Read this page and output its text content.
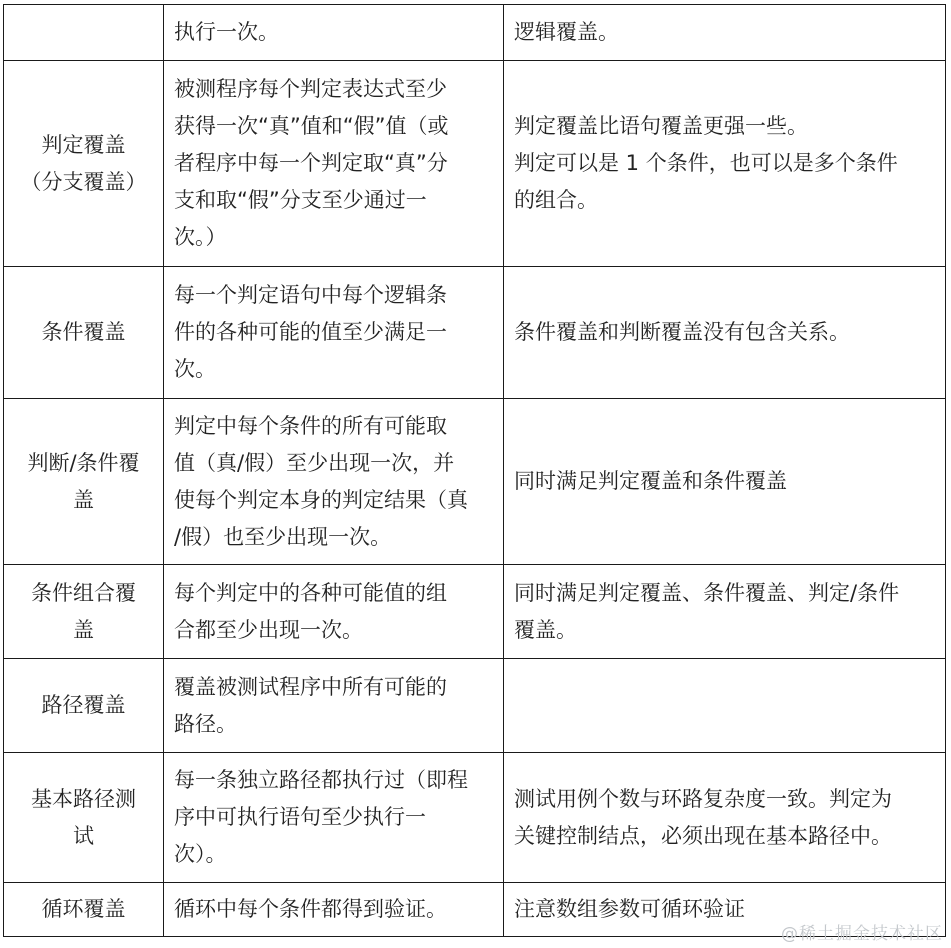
	执行一次。	逻辑覆盖。

判定覆盖
（分支覆盖）	被测程序每个判定表达式至少
获得一次“真”值和“假”值（或
者程序中每一个判定取“真”分
支和取“假”分支至少通过一
次。）	判定覆盖比语句覆盖更强一些。
判定可以是 1 个条件，也可以是多个条件
的组合。

条件覆盖	每一个判定语句中每个逻辑条
件的各种可能的值至少满足一
次。	条件覆盖和判断覆盖没有包含关系。

判断/条件覆
盖	判定中每个条件的所有可能取
值（真/假）至少出现一次，并
使每个判定本身的判定结果（真
/假）也至少出现一次。	同时满足判定覆盖和条件覆盖

条件组合覆
盖	每个判定中的各种可能值的组
合都至少出现一次。	同时满足判定覆盖、条件覆盖、判定/条件
覆盖。

路径覆盖	覆盖被测试程序中所有可能的
路径。	

基本路径测
试	每一条独立路径都执行过（即程
序中可执行语句至少执行一
次）。	测试用例个数与环路复杂度一致。判定为
关键控制结点，必须出现在基本路径中。

循环覆盖	循环中每个条件都得到验证。	注意数组参数可循环验证
@稀土掘金技术社区
